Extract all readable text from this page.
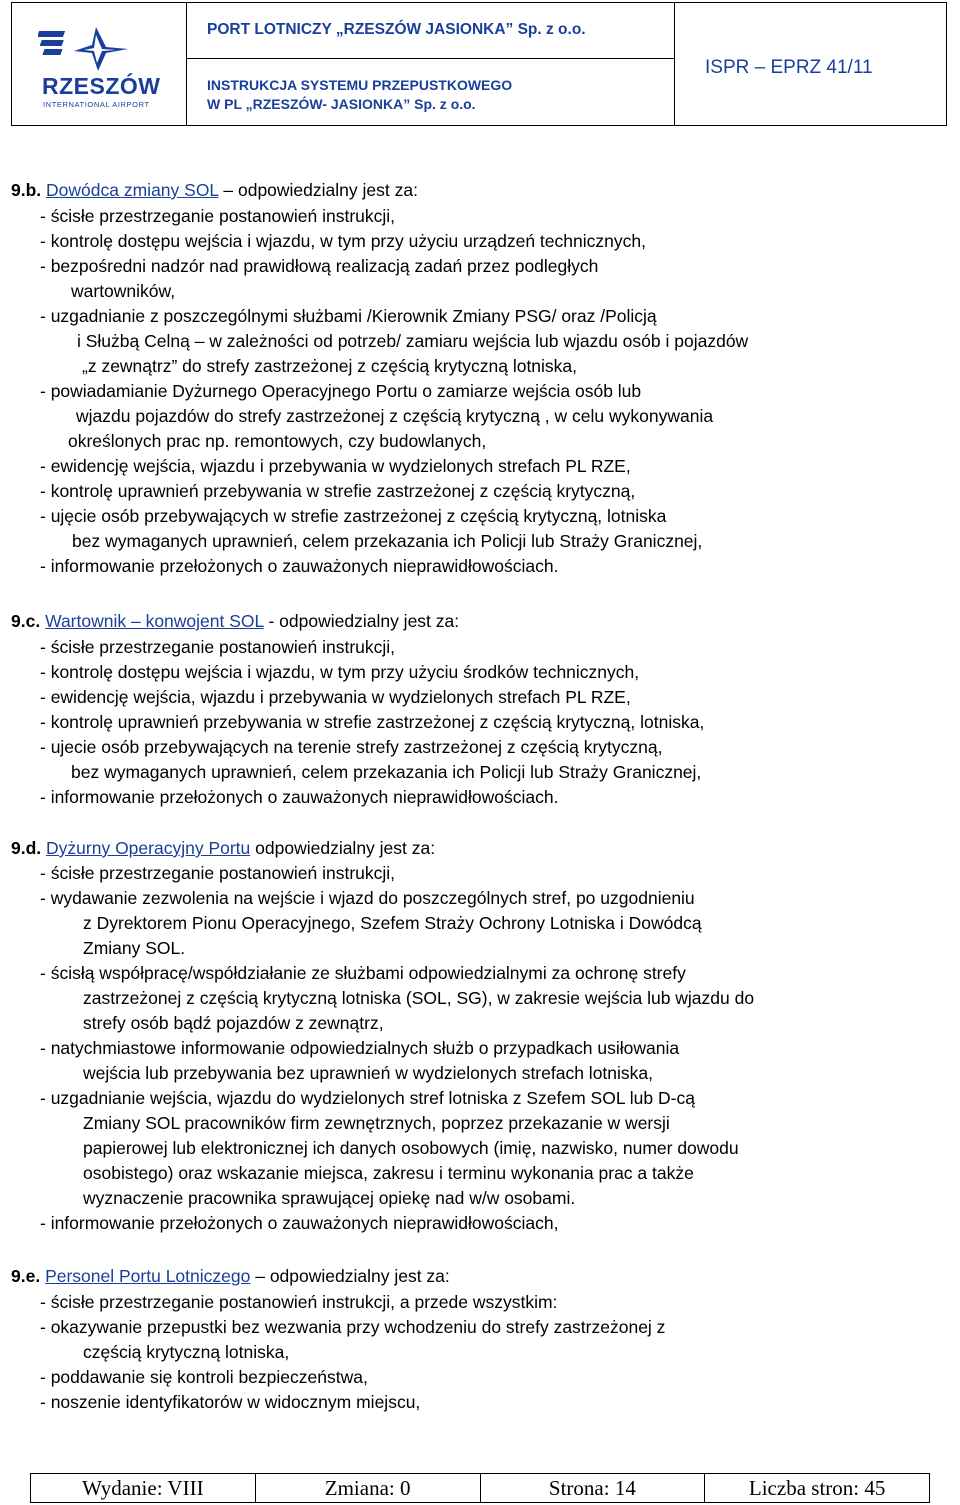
RZESZÓW
INTERNATIONAL AIRPORT
PORT LOTNICZY „RZESZÓW JASIONKA” Sp. z o.o.
INSTRUKCJA SYSTEMU PRZEPUSTKOWEGO
W PL „RZESZÓW- JASIONKA” Sp. z o.o.
ISPR – EPRZ 41/11
9.b. Dowódca zmiany SOL – odpowiedzialny jest za:
- ścisłe przestrzeganie postanowień instrukcji,
- kontrolę dostępu wejścia i wjazdu, w tym przy użyciu urządzeń technicznych,
- bezpośredni nadzór nad prawidłową realizacją zadań przez podległych
wartowników,
- uzgadnianie z poszczególnymi służbami /Kierownik Zmiany PSG/ oraz /Policją
i Służbą Celną – w zależności od potrzeb/ zamiaru wejścia lub wjazdu osób i pojazdów
„z zewnątrz” do strefy zastrzeżonej z częścią krytyczną lotniska,
- powiadamianie Dyżurnego Operacyjnego Portu o zamiarze wejścia osób lub
wjazdu pojazdów do strefy zastrzeżonej z częścią krytyczną , w celu wykonywania
określonych prac np. remontowych, czy budowlanych,
- ewidencję wejścia, wjazdu i przebywania w wydzielonych strefach PL RZE,
- kontrolę uprawnień przebywania w strefie zastrzeżonej z częścią krytyczną,
- ujęcie osób przebywających w strefie zastrzeżonej z częścią krytyczną, lotniska
bez wymaganych uprawnień, celem przekazania ich Policji lub Straży Granicznej,
- informowanie przełożonych o zauważonych nieprawidłowościach.
9.c. Wartownik – konwojent SOL - odpowiedzialny jest za:
- ścisłe przestrzeganie postanowień instrukcji,
- kontrolę dostępu wejścia i wjazdu, w tym przy użyciu środków technicznych,
- ewidencję wejścia, wjazdu i przebywania w wydzielonych strefach PL RZE,
- kontrolę uprawnień przebywania w strefie zastrzeżonej z częścią krytyczną, lotniska,
- ujecie osób przebywających na terenie strefy zastrzeżonej z częścią krytyczną,
bez wymaganych uprawnień, celem przekazania ich Policji lub Straży Granicznej,
- informowanie przełożonych o zauważonych nieprawidłowościach.
9.d. Dyżurny Operacyjny Portu odpowiedzialny jest za:
- ścisłe przestrzeganie postanowień instrukcji,
- wydawanie zezwolenia na wejście i wjazd do poszczególnych stref, po uzgodnieniu
z Dyrektorem Pionu Operacyjnego, Szefem Straży Ochrony Lotniska i Dowódcą
Zmiany SOL.
- ścisłą współpracę/współdziałanie ze służbami odpowiedzialnymi za ochronę strefy
zastrzeżonej z częścią krytyczną lotniska (SOL, SG), w zakresie wejścia lub wjazdu do
strefy osób bądź pojazdów z zewnątrz,
- natychmiastowe informowanie odpowiedzialnych służb o przypadkach usiłowania
wejścia lub przebywania bez uprawnień w wydzielonych strefach lotniska,
- uzgadnianie wejścia, wjazdu do wydzielonych stref lotniska z Szefem SOL lub D-cą
Zmiany SOL pracowników firm zewnętrznych, poprzez przekazanie w wersji
papierowej lub elektronicznej ich danych osobowych (imię, nazwisko, numer dowodu
osobistego) oraz wskazanie miejsca, zakresu i terminu wykonania prac a także
wyznaczenie pracownika sprawującej opiekę nad w/w osobami.
- informowanie przełożonych o zauważonych nieprawidłowościach,
9.e. Personel Portu Lotniczego – odpowiedzialny jest za:
- ścisłe przestrzeganie postanowień instrukcji, a przede wszystkim:
- okazywanie przepustki bez wezwania przy wchodzeniu do strefy zastrzeżonej z
częścią krytyczną lotniska,
- poddawanie się kontroli bezpieczeństwa,
- noszenie identyfikatorów w widocznym miejscu,
Wydanie: VIII	Zmiana: 0	Strona: 14	Liczba stron: 45
